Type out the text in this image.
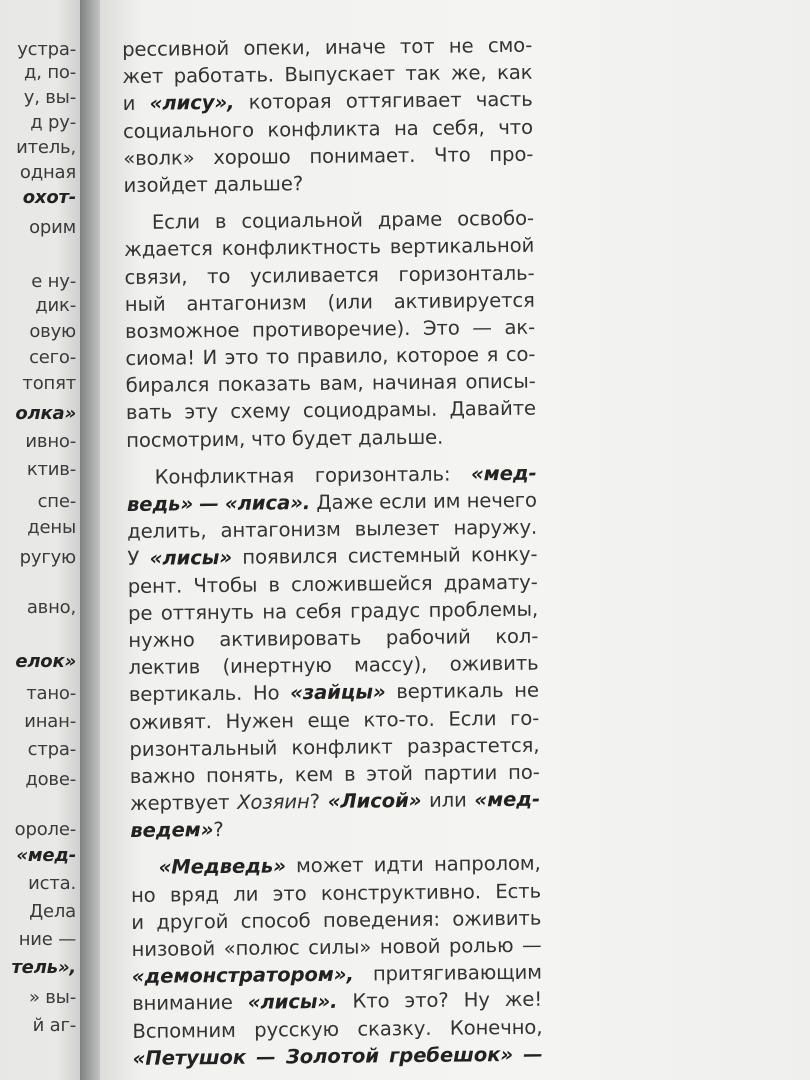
устра-
д, по-
у, вы-
д ру-
итель,
одная
охот-
орим
е ну-
дик-
овую
сего-
топят
олка»
ивно-
ктив-
спе-
дены
ругую
авно,
елок»
тано-
инан-
стра-
дове-
ороле-
«мед-
иста.
Дела
ние —
тель»,
» вы-
й аг-
ресcивной опеки, иначе тот не смо-
жет работать. Выпускает так же, как
и «лису», которая оттягивает часть
социального конфликта на себя, что
«волк» хорошо понимает. Что про-
изойдет дальше?
Если в социальной драме освобо-
ждается конфликтность вертикальной
связи, то усиливается горизонталь-
ный антагонизм (или активируется
возможное противоречие). Это — ак-
сиома! И это то правило, которое я со-
бирался показать вам, начиная описы-
вать эту схему социодрамы. Давайте
посмотрим, что будет дальше.
Конфликтная горизонталь: «мед-
ведь» — «лиса». Даже если им нечего
делить, антагонизм вылезет наружу.
У «лисы» появился системный конку-
рент. Чтобы в сложившейся драмату-
ре оттянуть на себя градус проблемы,
нужно активировать рабочий кол-
лектив (инертную массу), оживить
вертикаль. Но «зайцы» вертикаль не
оживят. Нужен еще кто-то. Если го-
ризонтальный конфликт разрастется,
важно понять, кем в этой партии по-
жертвует Хозяин? «Лисой» или «мед-
ведем»?
«Медведь» может идти напролом,
но вряд ли это конструктивно. Есть
и другой способ поведения: оживить
низовой «полюс силы» новой ролью —
«демонстратором», притягивающим
внимание «лисы». Кто это? Ну же!
Вспомним русскую сказку. Конечно,
«Петушок — Золотой гребешок» —
